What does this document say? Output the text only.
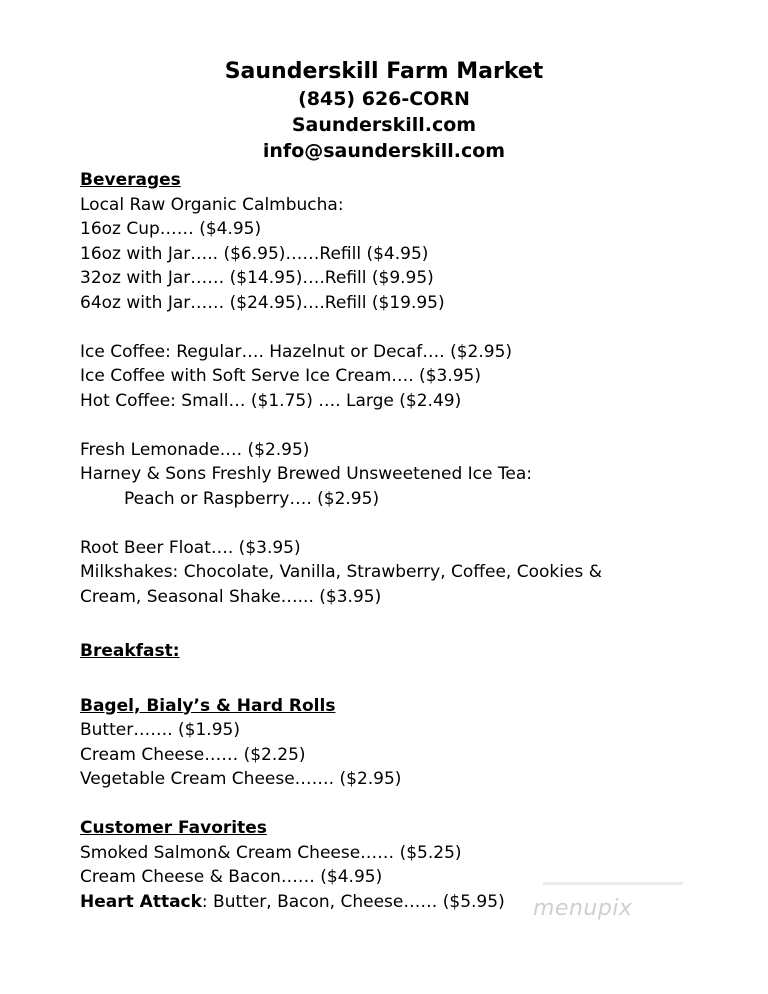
Saunderskill Farm Market
(845) 626-CORN
Saunderskill.com
info@saunderskill.com
Beverages
Local Raw Organic Calmbucha:
16oz Cup…… ($4.95)
16oz with Jar….. ($6.95)……Refill ($4.95)
32oz with Jar…… ($14.95)….Refill ($9.95)
64oz with Jar…… ($24.95)….Refill ($19.95)
Ice Coffee: Regular…. Hazelnut or Decaf…. ($2.95)
Ice Coffee with Soft Serve Ice Cream…. ($3.95)
Hot Coffee: Small… ($1.75) …. Large ($2.49)
Fresh Lemonade…. ($2.95)
Harney & Sons Freshly Brewed Unsweetened Ice Tea:
Peach or Raspberry…. ($2.95)
Root Beer Float…. ($3.95)
Milkshakes: Chocolate, Vanilla, Strawberry, Coffee, Cookies &
Cream, Seasonal Shake…... ($3.95)
Breakfast:
Bagel, Bialy’s & Hard Rolls
Butter……. ($1.95)
Cream Cheese…… ($2.25)
Vegetable Cream Cheese……. ($2.95)
Customer Favorites
Smoked Salmon& Cream Cheese…… ($5.25)
Cream Cheese & Bacon…… ($4.95)
Heart Attack: Butter, Bacon, Cheese…… ($5.95)	menupix
